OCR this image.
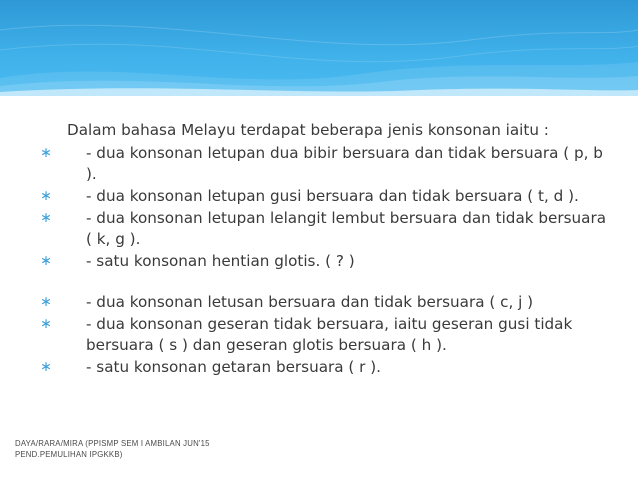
Dalam bahasa Melayu terdapat beberapa jenis konsonan iaitu :

∗ - dua konsonan letupan dua bibir bersuara dan tidak bersuara ( p, b ).
∗ - dua konsonan letupan gusi bersuara dan tidak bersuara ( t, d ).
∗ - dua konsonan letupan lelangit lembut bersuara dan tidak bersuara ( k, g ).
∗ - satu konsonan hentian glotis. ( ? )
∗ - dua konsonan letusan bersuara dan tidak bersuara ( c, j )
∗ - dua konsonan geseran tidak bersuara, iaitu geseran gusi tidak bersuara ( s ) dan geseran glotis bersuara ( h ).
∗ - satu konsonan getaran bersuara ( r ).
DAYA/RARA/MIRA (PPISMP SEM I AMBILAN JUN'15
PEND.PEMULIHAN IPGKKB)
